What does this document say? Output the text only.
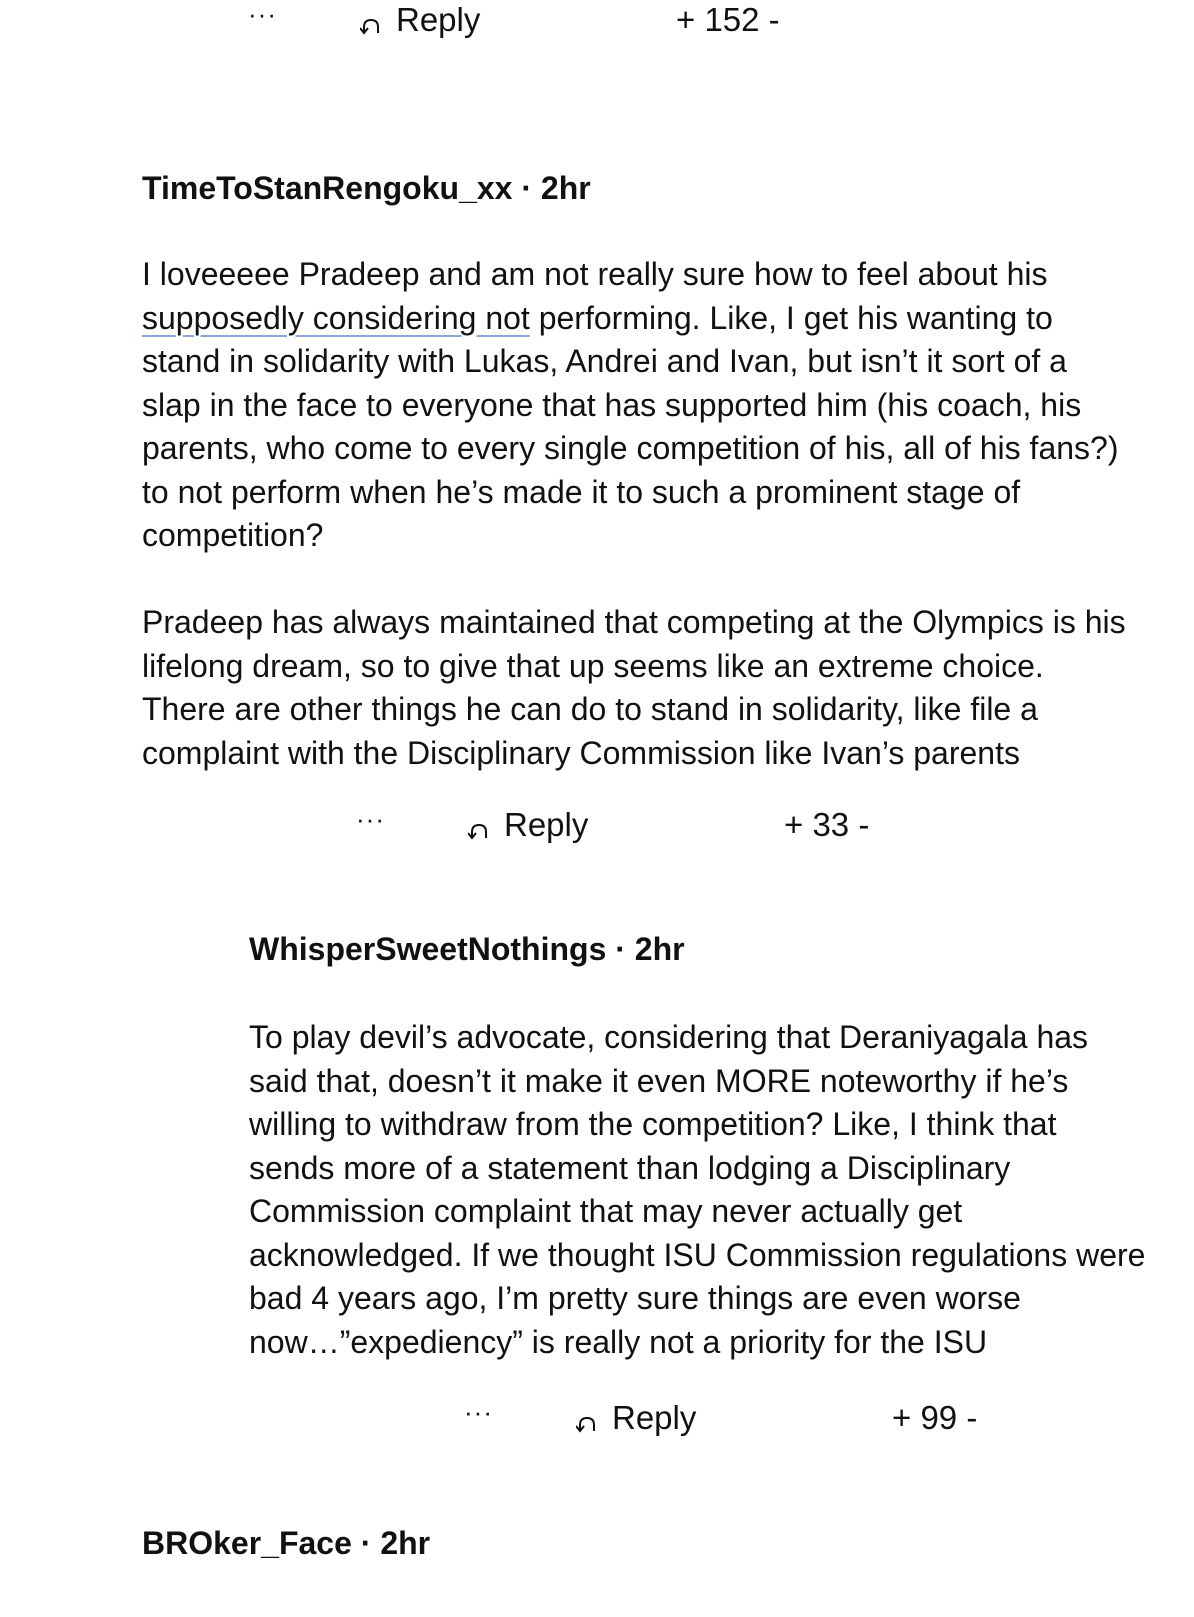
···	Reply	+ 152 -
TimeToStanRengoku_xx · 2hr

I loveeeee Pradeep and am not really sure how to feel about his
supposedly considering not performing. Like, I get his wanting to stand in solidarity with Lukas, Andrei and Ivan, but isn’t it sort of a slap in the face to everyone that has supported him (his coach, his parents, who come to every single competition of his, all of his fans?) to not perform when he’s made it to such a prominent stage of competition?

Pradeep has always maintained that competing at the Olympics is his lifelong dream, so to give that up seems like an extreme choice. There are other things he can do to stand in solidarity, like file a complaint with the Disciplinary Commission like Ivan’s parents

···	Reply	+ 33 -
WhisperSweetNothings · 2hr

To play devil’s advocate, considering that Deraniyagala has said that, doesn’t it make it even MORE noteworthy if he’s willing to withdraw from the competition? Like, I think that sends more of a statement than lodging a Disciplinary Commission complaint that may never actually get acknowledged. If we thought ISU Commission regulations were bad 4 years ago, I’m pretty sure things are even worse now…”expediency” is really not a priority for the ISU

···	Reply	+ 99 -
BROker_Face · 2hr
